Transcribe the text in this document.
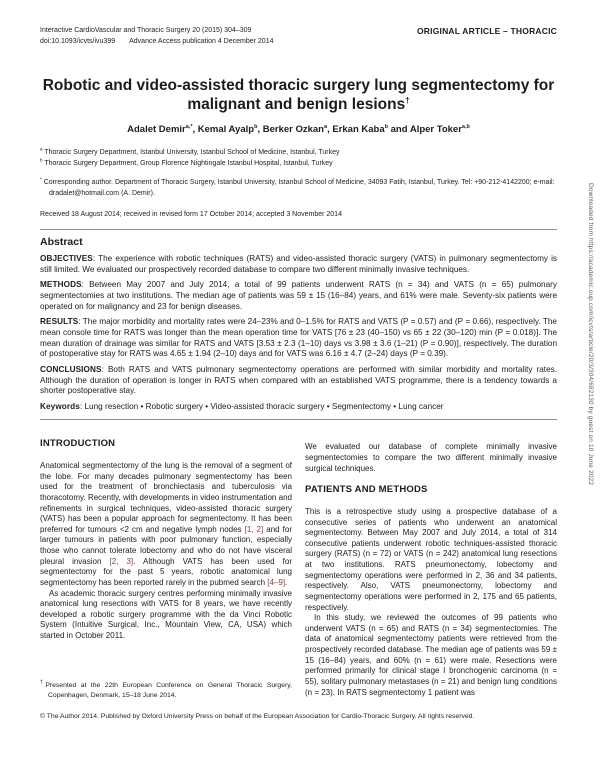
Interactive CardioVascular and Thoracic Surgery 20 (2015) 304–309

doi:10.1093/icvts/ivu399 Advance Access publication 4 December 2014

ORIGINAL ARTICLE – THORACIC
Robotic and video-assisted thoracic surgery lung segmentectomy for malignant and benign lesions†

Adalet Demir$^{a,*}$, Kemal Ayalp$^b$, Berker Ozkan$^a$, Erkan Kaba$^b$ and Alper Toker$^{a,b}$

$^a$ Thoracic Surgery Department, Istanbul University, Istanbul School of Medicine, Istanbul, Turkey

$^b$ Thoracic Surgery Department, Group Florence Nightingale Istanbul Hospital, Istanbul, Turkey

* Corresponding author. Department of Thoracic Surgery, Istanbul University, Istanbul School of Medicine, 34093 Fatih, Istanbul, Turkey. Tel: +90-212-4142200; e-mail: dradalet@hotmail.com (A. Demir).

Received 18 August 2014; received in revised form 17 October 2014; accepted 3 November 2014

Abstract

OBJECTIVES: The experience with robotic techniques (RATS) and video-assisted thoracic surgery (VATS) in pulmonary segmentectomy is still limited. We evaluated our prospectively recorded database to compare two different minimally invasive techniques.

METHODS: Between May 2007 and July 2014, a total of 99 patients underwent RATS (n = 34) and VATS (n = 65) pulmonary segmentectomies at two institutions. The median age of patients was 59 ± 15 (16–84) years, and 61% were male. Seventy-six patients were operated on for malignancy and 23 for benign diseases.

RESULTS: The major morbidity and mortality rates were 24–23% and 0–1.5% for RATS and VATS (P = 0.57) and (P = 0.66), respectively. The mean console time for RATS was longer than the mean operation time for VATS [76 ± 23 (40–150) vs 65 ± 22 (30–120) min (P = 0.018)]. The mean duration of drainage was similar for RATS and VATS [3.53 ± 2.3 (1–10) days vs 3.98 ± 3.6 (1–21) (P = 0.90)], respectively. The duration of postoperative stay for RATS was 4.65 ± 1.94 (2–10) days and for VATS was 6.16 ± 4.7 (2–24) days (P = 0.39).

CONCLUSIONS: Both RATS and VATS pulmonary segmentectomy operations are performed with similar morbidity and mortality rates. Although the duration of operation is longer in RATS when compared with an established VATS programme, there is a tendency towards a shorter postoperative stay.

Keywords: Lung resection • Robotic surgery • Video-assisted thoracic surgery • Segmentectomy • Lung cancer

INTRODUCTION

Anatomical segmentectomy of the lung is the removal of a segment of the lobe. For many decades pulmonary segmentectomy has been used for the treatment of bronchiectasis and tuberculosis via thoracotomy. Recently, with developments in video instrumentation and refinements in surgical techniques, video-assisted thoracic surgery (VATS) has been a popular approach for segmentectomy. It has been preferred for tumours <2 cm and negative lymph nodes [1, 2] and for larger tumours in patients with poor pulmonary function, especially those who cannot tolerate lobectomy and who do not have visceral pleural invasion [2, 3]. Although VATS has been used for segmentectomy for the past 5 years, robotic anatomical lung segmentectomy has been reported rarely in the pubmed search [4–9].

As academic thoracic surgery centres performing minimally invasive anatomical lung resections with VATS for 8 years, we have recently developed a robotic surgery programme with the da Vinci Robotic System (Intuitive Surgical, Inc., Mountain View, CA, USA) which started in October 2011.

†Presented at the 22th European Conference on General Thoracic Surgery, Copenhagen, Denmark, 15–18 June 2014.

We evaluated our database of complete minimally invasive segmentectomies to compare the two different minimally invasive surgical techniques.

PATIENTS AND METHODS

This is a retrospective study using a prospective database of a consecutive series of patients who underwent an anatomical segmentectomy. Between May 2007 and July 2014, a total of 314 consecutive patients underwent robotic techniques-assisted thoracic surgery (RATS) (n = 72) or VATS (n = 242) anatomical lung resections at two institutions. RATS pneumonectomy, lobectomy and segmentectomy operations were performed in 2, 36 and 34 patients, respectively. Also, VATS pneumonectomy, lobectomy and segmentectomy operations were performed in 2, 175 and 65 patients, respectively.

In this study, we reviewed the outcomes of 99 patients who underwent VATS (n = 65) and RATS (n = 34) segmentectomies. The data of anatomical segmentectomy patients were retrieved from the prospectively recorded database. The median age of patients was 59 ± 15 (16–84) years, and 60% (n = 61) were male. Resections were performed primarily for clinical stage I bronchogenic carcinoma (n = 55), solitary pulmonary metastases (n = 21) and benign lung conditions (n = 23). In RATS segmentectomy 1 patient was

© The Author 2014. Published by Oxford University Press on behalf of the European Association for Cardio-Thoracic Surgery. All rights reserved.

Downloaded from https://academic.oup.com/icvts/article/20/3/304/682130 by guest on 10 June 2022
